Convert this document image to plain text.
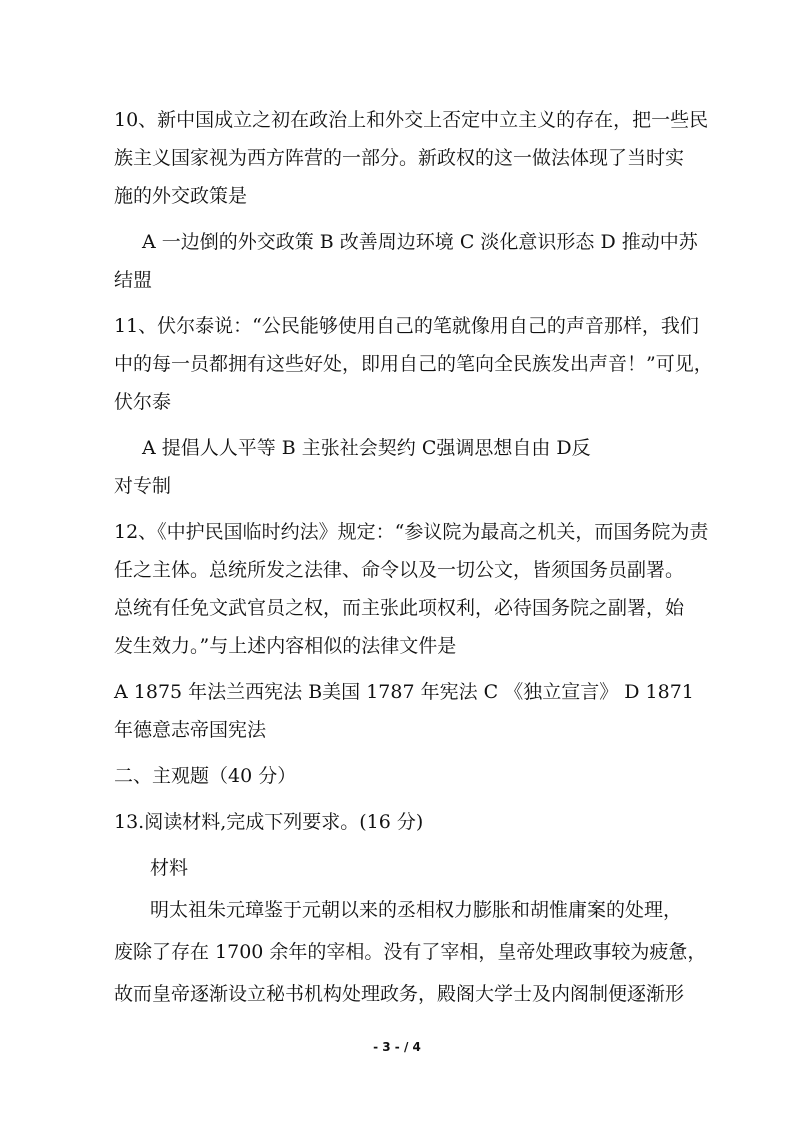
10、新中国成立之初在政治上和外交上否定中立主义的存在，把一些民
族主义国家视为西方阵营的一部分。新政权的这一做法体现了当时实
施的外交政策是
A 一边倒的外交政策 B 改善周边环境 C 淡化意识形态 D 推动中苏
结盟
11、伏尔泰说：“公民能够使用自己的笔就像用自己的声音那样，我们
中的每一员都拥有这些好处，即用自己的笔向全民族发出声音！”可见，
伏尔泰
A 提倡人人平等 B 主张社会契约 C强调思想自由 D反
对专制
12、《中护民国临时约法》规定：“参议院为最高之机关，而国务院为责
任之主体。总统所发之法律、命令以及一切公文，皆须国务员副署。
总统有任免文武官员之权，而主张此项权利，必待国务院之副署，始
发生效力。”与上述内容相似的法律文件是
A 1875 年法兰西宪法 B美国 1787 年宪法 C 《独立宣言》 D 1871
年德意志帝国宪法
二、主观题（40 分）
13.阅读材料,完成下列要求。(16 分)
材料
明太祖朱元璋鉴于元朝以来的丞相权力膨胀和胡惟庸案的处理，
废除了存在 1700 余年的宰相。没有了宰相，皇帝处理政事较为疲惫，
故而皇帝逐渐设立秘书机构处理政务，殿阁大学士及内阁制便逐渐形
- 3 - / 4
